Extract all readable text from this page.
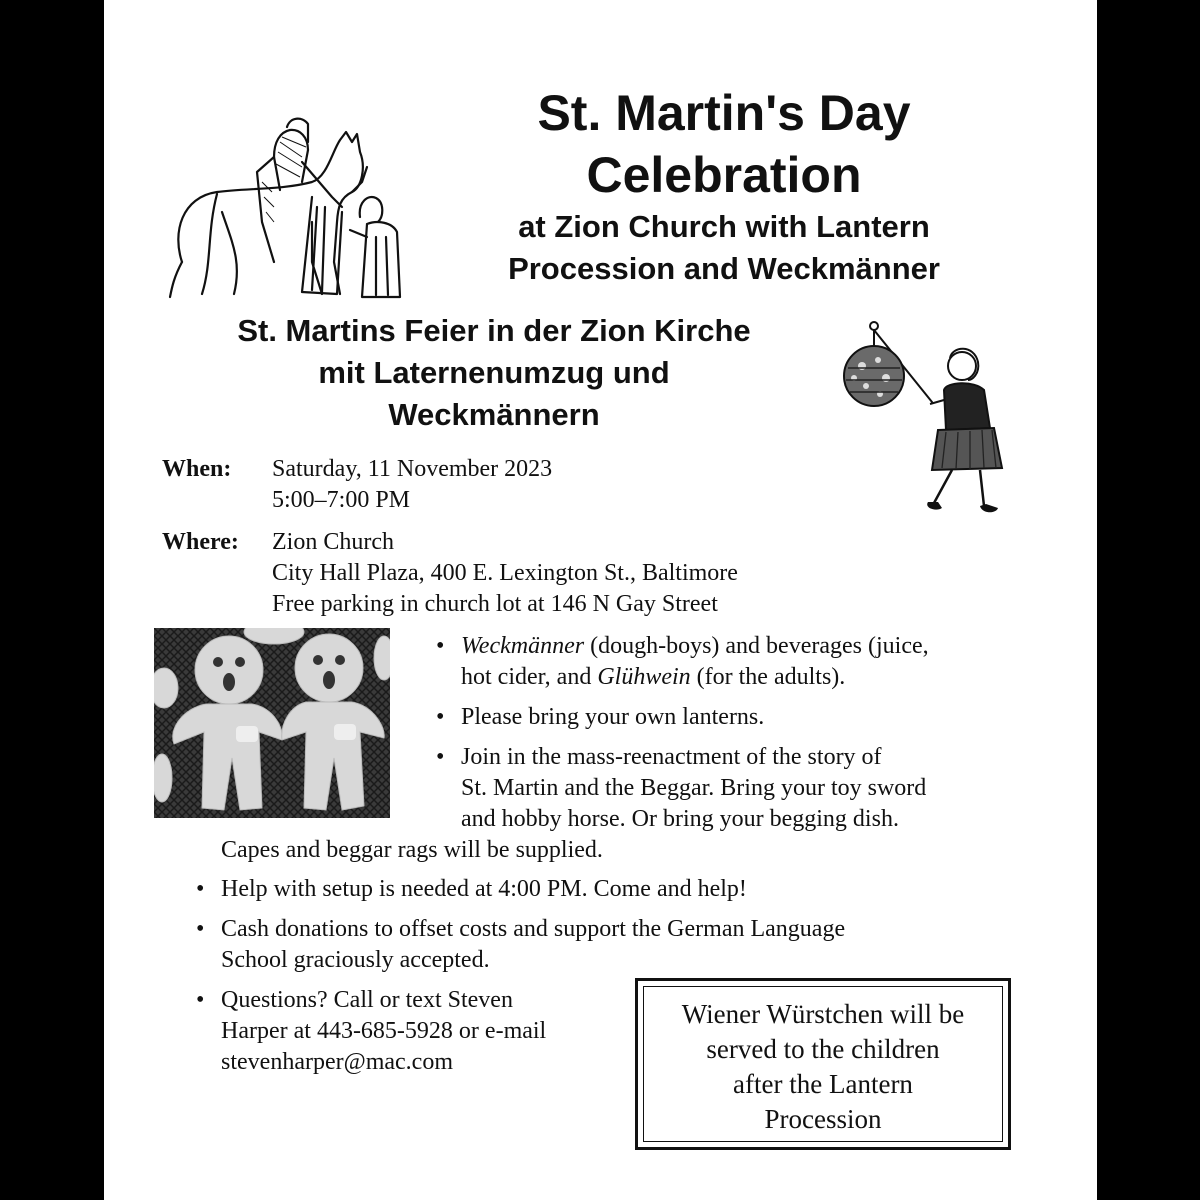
St. Martin's Day
Celebration
at Zion Church with Lantern
Procession and Weckmänner
St. Martins Feier in der Zion Kirche
mit Laternenumzug und
Weckmännern
When:	Saturday, 11 November 2023
5:00–7:00 PM
Where:	Zion Church
City Hall Plaza, 400 E. Lexington St., Baltimore
Free parking in church lot at 146 N Gay Street
• Weckmänner (dough-boys) and beverages (juice,
hot cider, and Glühwein (for the adults).
• Please bring your own lanterns.
• Join in the mass-reenactment of the story of
St. Martin and the Beggar. Bring your toy sword
and hobby horse. Or bring your begging dish.
Capes and beggar rags will be supplied.
• Help with setup is needed at 4:00 PM. Come and help!
• Cash donations to offset costs and support the German Language
School graciously accepted.
• Questions? Call or text Steven
Harper at 443-685-5928 or e-mail
stevenharper@mac.com
Wiener Würstchen will be
served to the children
after the Lantern
Procession
